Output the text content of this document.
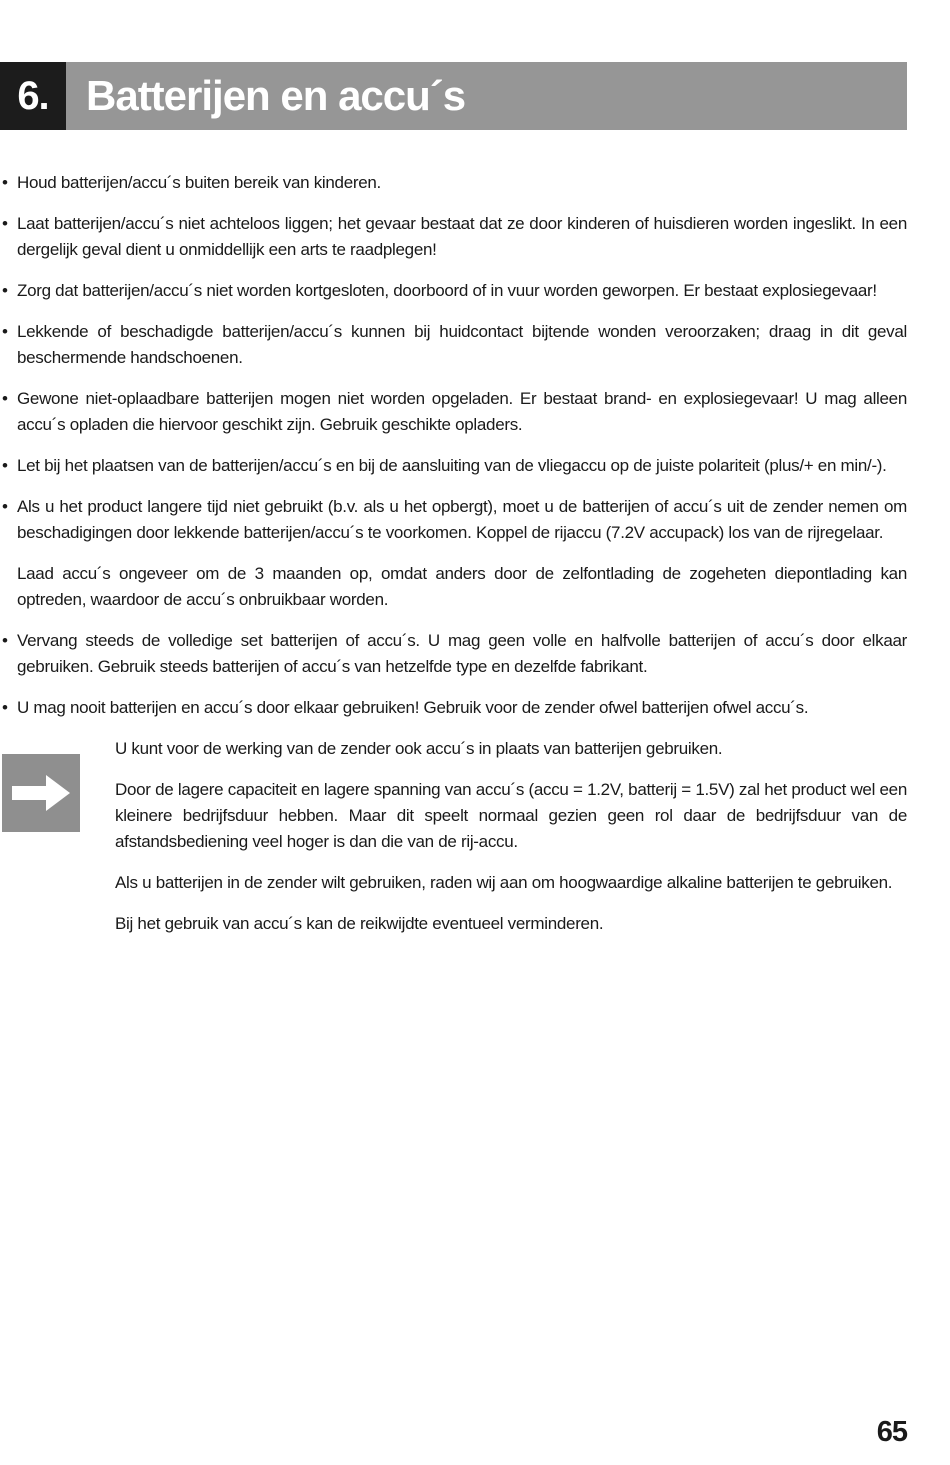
6. Batterijen en accu´s
• Houd batterijen/accu´s buiten bereik van kinderen.
• Laat batterijen/accu´s niet achteloos liggen; het gevaar bestaat dat ze door kinderen of huisdieren worden ingeslikt. In een dergelijk geval dient u onmiddellijk een arts te raadplegen!
• Zorg dat batterijen/accu´s niet worden kortgesloten, doorboord of in vuur worden geworpen. Er bestaat explosiegevaar!
• Lekkende of beschadigde batterijen/accu´s kunnen bij huidcontact bijtende wonden veroorzaken; draag in dit geval beschermende handschoenen.
• Gewone niet-oplaadbare batterijen mogen niet worden opgeladen. Er bestaat brand- en explosiegevaar! U mag alleen accu´s opladen die hiervoor geschikt zijn. Gebruik geschikte opladers.
• Let bij het plaatsen van de batterijen/accu´s en bij de aansluiting van de vliegaccu op de juiste polariteit (plus/+ en min/-).
• Als u het product langere tijd niet gebruikt (b.v. als u het opbergt), moet u de batterijen of accu´s uit de zender nemen om beschadigingen door lekkende batterijen/accu´s te voorkomen. Koppel de rijaccu (7.2V accupack) los van de rijregelaar.

Laad accu´s ongeveer om de 3 maanden op, omdat anders door de zelfontlading de zogeheten diepontlading kan optreden, waardoor de accu´s onbruikbaar worden.

• Vervang steeds de volledige set batterijen of accu´s. U mag geen volle en halfvolle batterijen of accu´s door elkaar gebruiken. Gebruik steeds batterijen of accu´s van hetzelfde type en dezelfde fabrikant.
• U mag nooit batterijen en accu´s door elkaar gebruiken! Gebruik voor de zender ofwel batterijen ofwel accu´s.

U kunt voor de werking van de zender ook accu´s in plaats van batterijen gebruiken.

Door de lagere capaciteit en lagere spanning van accu´s (accu = 1.2V, batterij = 1.5V) zal het product wel een kleinere bedrijfsduur hebben. Maar dit speelt normaal gezien geen rol daar de bedrijfsduur van de afstandsbediening veel hoger is dan die van de rij-accu.

Als u batterijen in de zender wilt gebruiken, raden wij aan om hoogwaardige alkaline batterijen te gebruiken.

Bij het gebruik van accu´s kan de reikwijdte eventueel verminderen.

65
